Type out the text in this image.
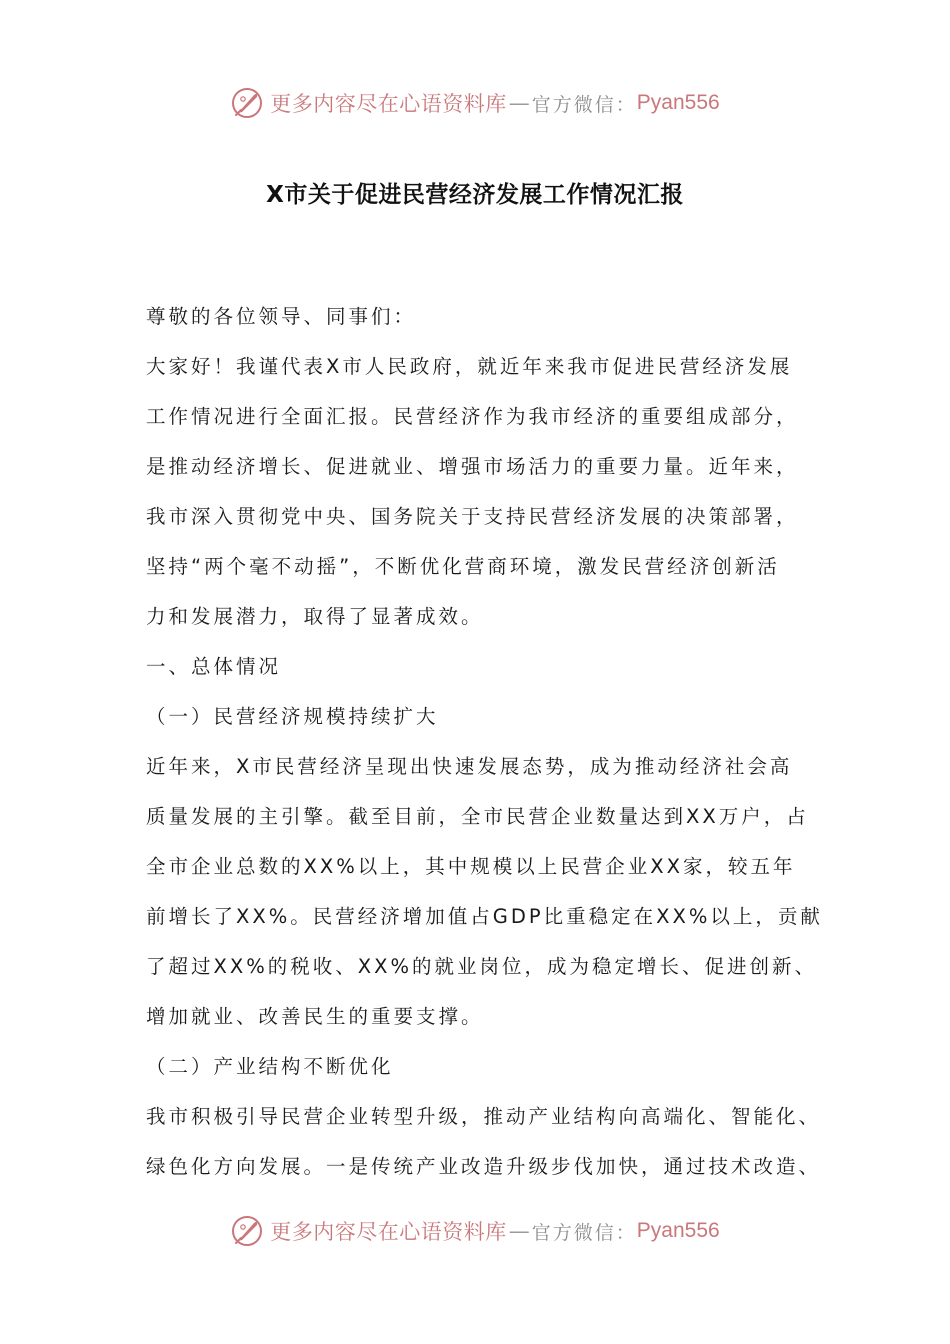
更多内容尽在心语资料库 — 官方微信： Pyan556
X市关于促进民营经济发展工作情况汇报
尊敬的各位领导、同事们：
大家好！我谨代表X市人民政府，就近年来我市促进民营经济发展
工作情况进行全面汇报。民营经济作为我市经济的重要组成部分，
是推动经济增长、促进就业、增强市场活力的重要力量。近年来，
我市深入贯彻党中央、国务院关于支持民营经济发展的决策部署，
坚持“两个毫不动摇”，不断优化营商环境，激发民营经济创新活
力和发展潜力，取得了显著成效。
一、总体情况
（一）民营经济规模持续扩大
近年来，X市民营经济呈现出快速发展态势，成为推动经济社会高
质量发展的主引擎。截至目前，全市民营企业数量达到XX万户，占
全市企业总数的XX%以上，其中规模以上民营企业XX家，较五年
前增长了XX%。民营经济增加值占GDP比重稳定在XX%以上，贡献
了超过XX%的税收、XX%的就业岗位，成为稳定增长、促进创新、
增加就业、改善民生的重要支撑。
（二）产业结构不断优化
我市积极引导民营企业转型升级，推动产业结构向高端化、智能化、
绿色化方向发展。一是传统产业改造升级步伐加快，通过技术改造、
更多内容尽在心语资料库 — 官方微信： Pyan556
